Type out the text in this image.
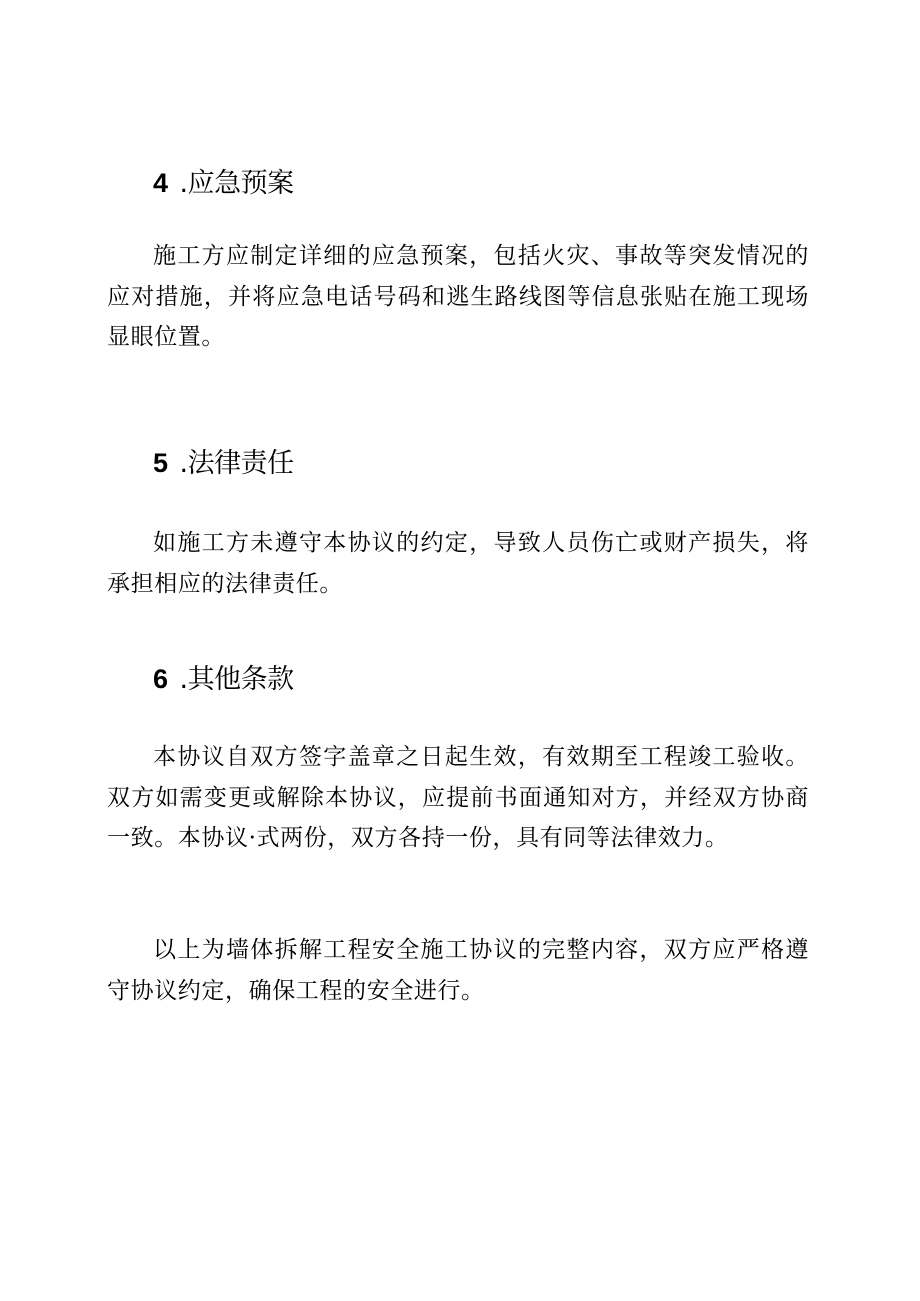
4 .应急预案

施工方应制定详细的应急预案，包括火灾、事故等突发情况的应对措施，并将应急电话号码和逃生路线图等信息张贴在施工现场显眼位置。

5 .法律责任

如施工方未遵守本协议的约定，导致人员伤亡或财产损失，将承担相应的法律责任。

6 .其他条款

本协议自双方签字盖章之日起生效，有效期至工程竣工验收。双方如需变更或解除本协议，应提前书面通知对方，并经双方协商一致。本协议·式两份，双方各持一份，具有同等法律效力。

以上为墙体拆解工程安全施工协议的完整内容，双方应严格遵守协议约定，确保工程的安全进行。
